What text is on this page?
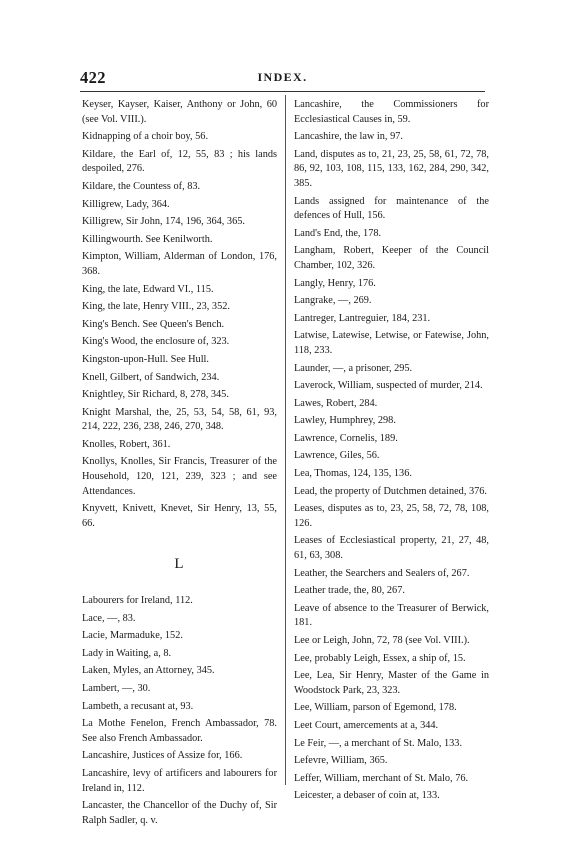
422	INDEX.
Keyser, Kayser, Kaiser, Anthony or John, 60 (see Vol. VIII.).
Kidnapping of a choir boy, 56.
Kildare, the Earl of, 12, 55, 83 ; his lands despoiled, 276.
Kildare, the Countess of, 83.
Killigrew, Lady, 364.
Killigrew, Sir John, 174, 196, 364, 365.
Killingwourth. See Kenilworth.
Kimpton, William, Alderman of London, 176, 368.
King, the late, Edward VI., 115.
King, the late, Henry VIII., 23, 352.
King's Bench. See Queen's Bench.
King's Wood, the enclosure of, 323.
Kingston-upon-Hull. See Hull.
Knell, Gilbert, of Sandwich, 234.
Knightley, Sir Richard, 8, 278, 345.
Knight Marshal, the, 25, 53, 54, 58, 61, 93, 214, 222, 236, 238, 246, 270, 348.
Knolles, Robert, 361.
Knollys, Knolles, Sir Francis, Treasurer of the Household, 120, 121, 239, 323 ; and see Attendances.
Knyvett, Knivett, Knevet, Sir Henry, 13, 55, 66.
L
Labourers for Ireland, 112.
Lace, —, 83.
Lacie, Marmaduke, 152.
Lady in Waiting, a, 8.
Laken, Myles, an Attorney, 345.
Lambert, —, 30.
Lambeth, a recusant at, 93.
La Mothe Fenelon, French Ambassador, 78. See also French Ambassador.
Lancashire, Justices of Assize for, 166.
Lancashire, levy of artificers and labourers for Ireland in, 112.
Lancaster, the Chancellor of the Duchy of, Sir Ralph Sadler, q. v.
Lancashire, the Commissioners for Ecclesiastical Causes in, 59.
Lancashire, the law in, 97.
Land, disputes as to, 21, 23, 25, 58, 61, 72, 78, 86, 92, 103, 108, 115, 133, 162, 284, 290, 342, 385.
Lands assigned for maintenance of the defences of Hull, 156.
Land's End, the, 178.
Langham, Robert, Keeper of the Council Chamber, 102, 326.
Langly, Henry, 176.
Langrake, —, 269.
Lantreger, Lantreguier, 184, 231.
Latwise, Latewise, Letwise, or Fatewise, John, 118, 233.
Launder, —, a prisoner, 295.
Laverock, William, suspected of murder, 214.
Lawes, Robert, 284.
Lawley, Humphrey, 298.
Lawrence, Cornelis, 189.
Lawrence, Giles, 56.
Lea, Thomas, 124, 135, 136.
Lead, the property of Dutchmen detained, 376.
Leases, disputes as to, 23, 25, 58, 72, 78, 108, 126.
Leases of Ecclesiastical property, 21, 27, 48, 61, 63, 308.
Leather, the Searchers and Sealers of, 267.
Leather trade, the, 80, 267.
Leave of absence to the Treasurer of Berwick, 181.
Lee or Leigh, John, 72, 78 (see Vol. VIII.).
Lee, probably Leigh, Essex, a ship of, 15.
Lee, Lea, Sir Henry, Master of the Game in Woodstock Park, 23, 323.
Lee, William, parson of Egemond, 178.
Leet Court, amercements at a, 344.
Le Feir, —, a merchant of St. Malo, 133.
Lefevre, William, 365.
Leffer, William, merchant of St. Malo, 76.
Leicester, a debaser of coin at, 133.
